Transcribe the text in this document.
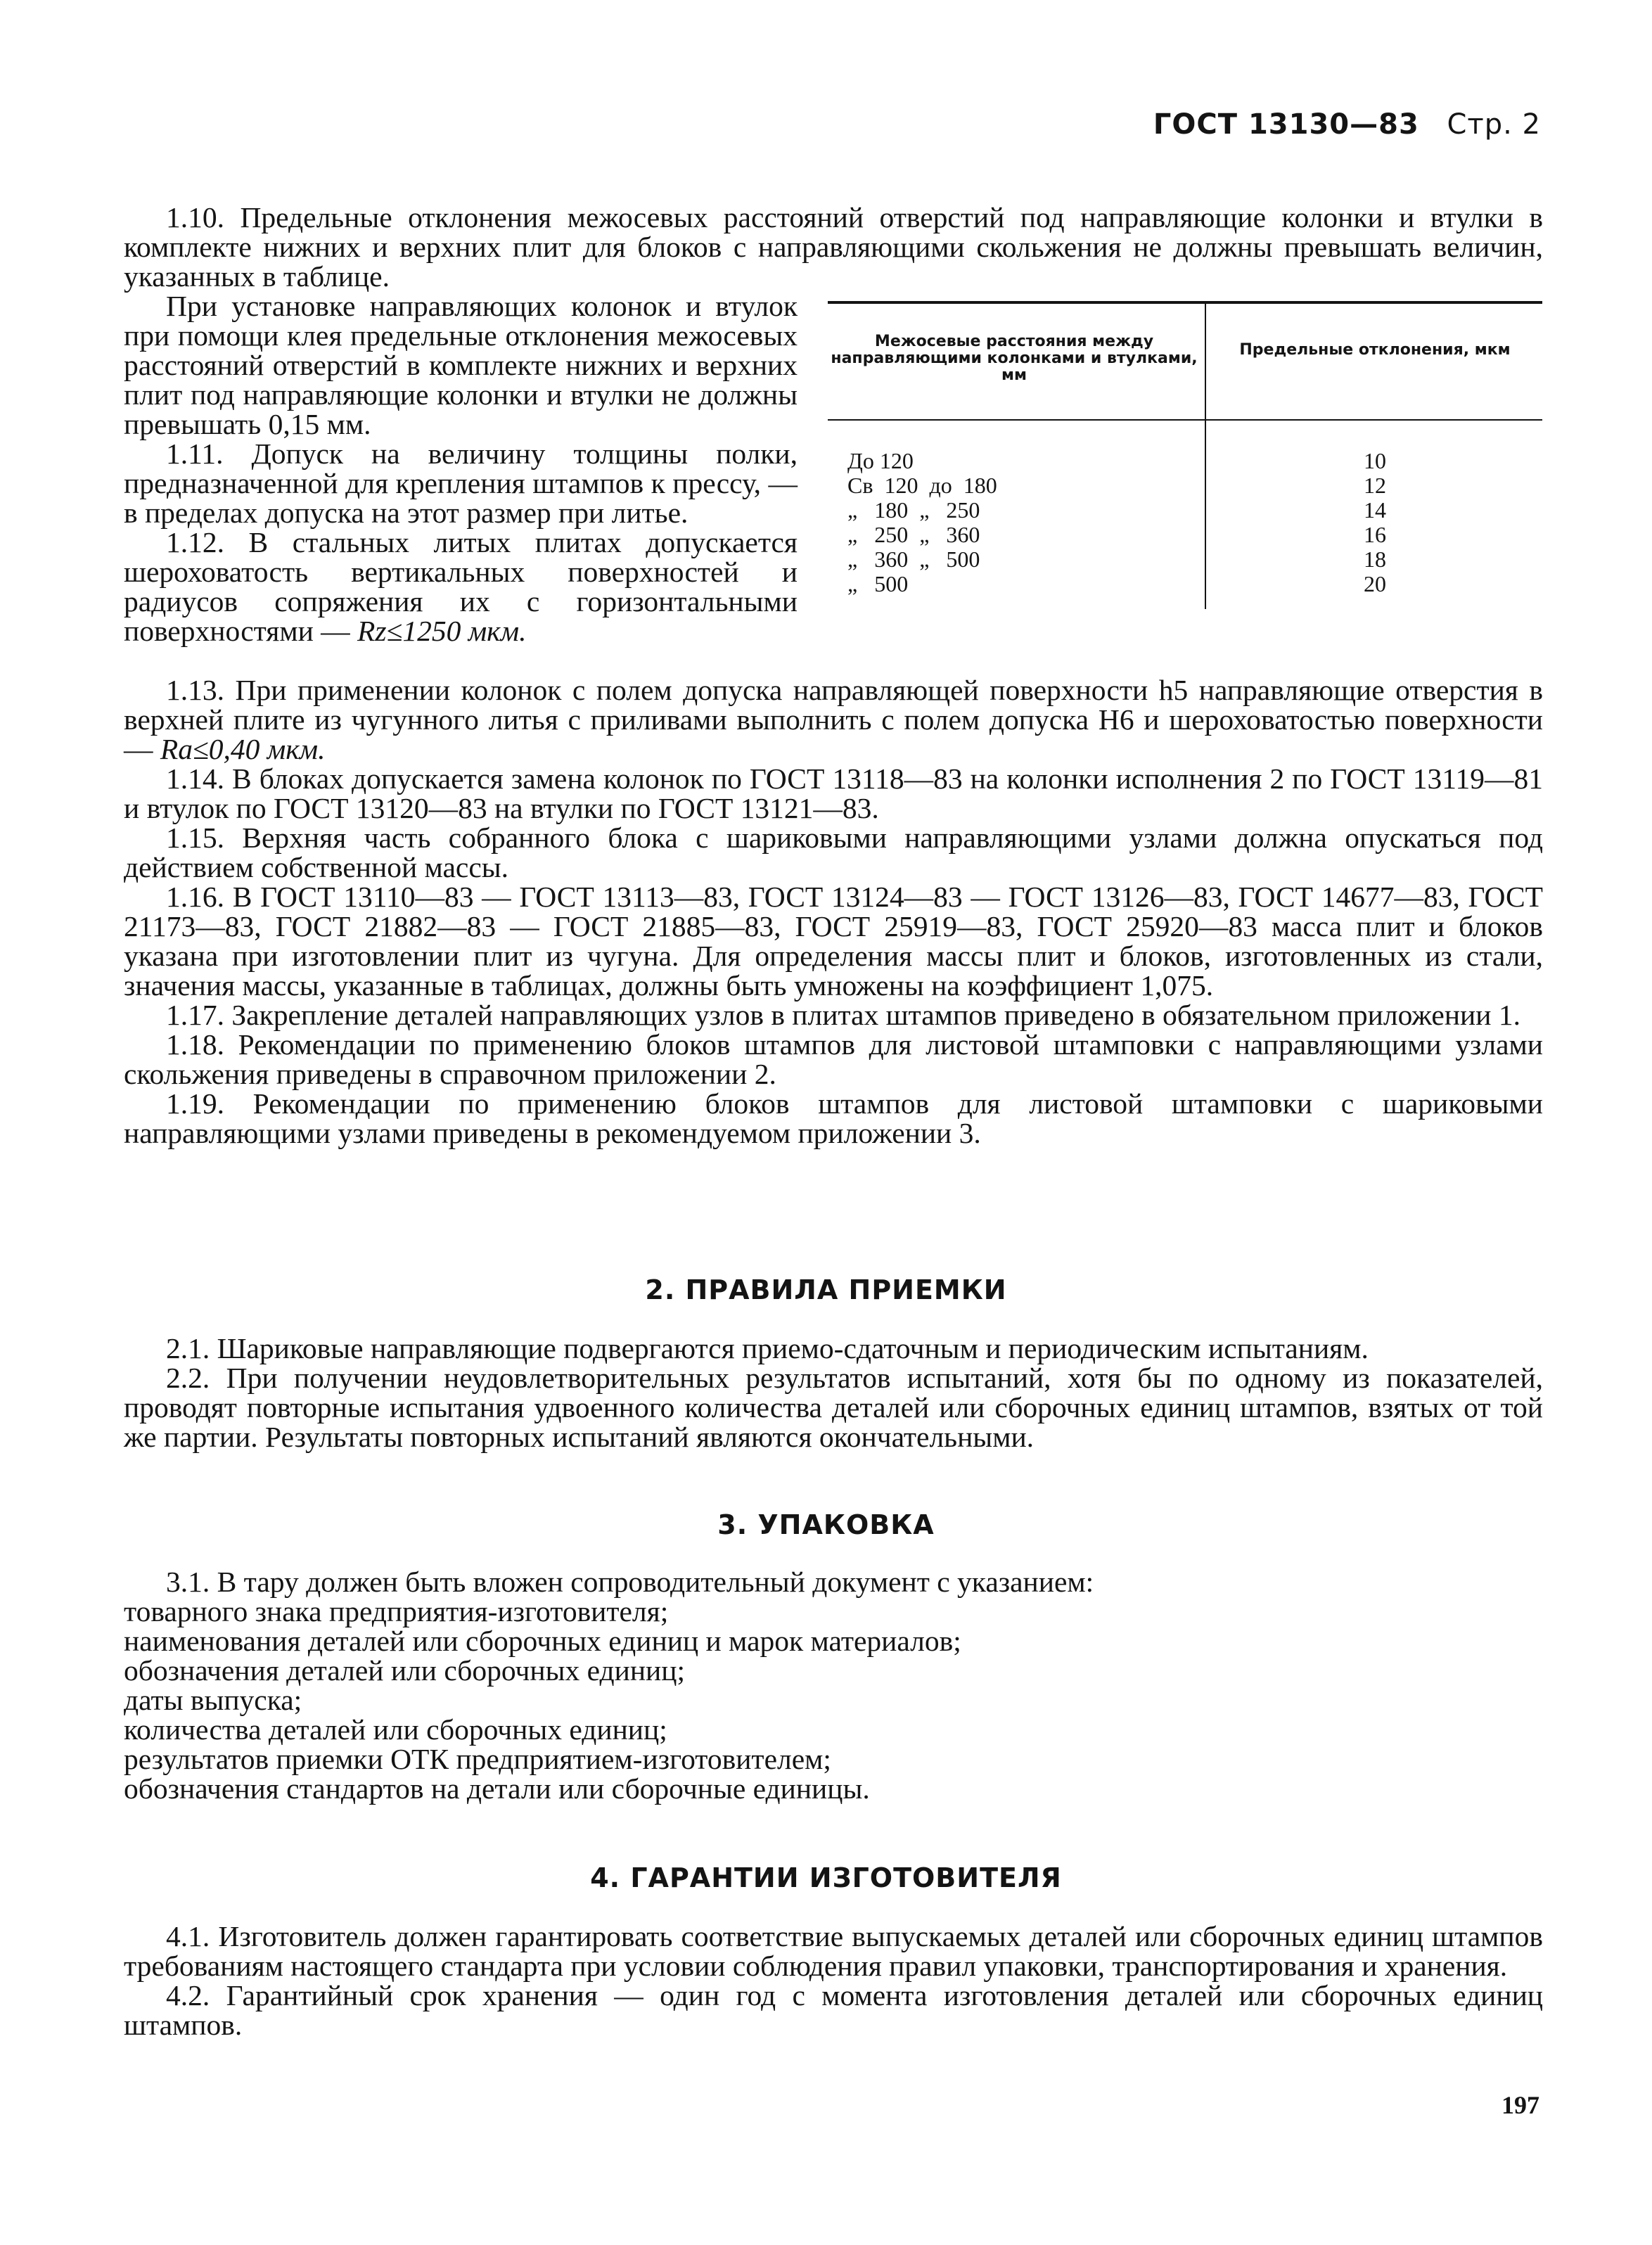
ГОСТ 13130—83 Стр. 2

1.10. Предельные отклонения межосевых расстояний отверстий под направляющие колонки и втулки в комплекте нижних и верхних плит для блоков с направляющими скольжения не должны превышать величин, указанных в таблице.

При установке направляющих колонок и втулок при помощи клея предельные отклонения межосевых расстояний отверстий в комплекте нижних и верхних плит под направляющие колонки и втулки не должны превышать 0,15 мм.

1.11. Допуск на величину толщины полки, предназначенной для крепления штампов к прессу, — в пределах допуска на этот размер при литье.

1.12. В стальных литых плитах допускается шероховатость вертикальных поверхностей и радиусов сопряжения их с горизонтальными поверхностями — Rz≤1250 мкм.

Межосевые расстояния между направляющими колонками и втулками, мм
Предельные отклонения, мкм
До 120
Св  120  до  180
„   180  „   250
„   250  „   360
„   360  „   500
„   500
10
12
14
16
18
20

1.13. При применении колонок с полем допуска направляющей поверхности h5 направляющие отверстия в верхней плите из чугунного литья с приливами выполнить с полем допуска H6 и шероховатостью поверхности — Ra≤0,40 мкм.

1.14. В блоках допускается замена колонок по ГОСТ 13118—83 на колонки исполнения 2 по ГОСТ 13119—81 и втулок по ГОСТ 13120—83 на втулки по ГОСТ 13121—83.

1.15. Верхняя часть собранного блока с шариковыми направляющими узлами должна опускаться под действием собственной массы.

1.16. В ГОСТ 13110—83 — ГОСТ 13113—83, ГОСТ 13124—83 — ГОСТ 13126—83, ГОСТ 14677—83, ГОСТ 21173—83, ГОСТ 21882—83 — ГОСТ 21885—83, ГОСТ 25919—83, ГОСТ 25920—83 масса плит и блоков указана при изготовлении плит из чугуна. Для определения массы плит и блоков, изготовленных из стали, значения массы, указанные в таблицах, должны быть умножены на коэффициент 1,075.

1.17. Закрепление деталей направляющих узлов в плитах штампов приведено в обязательном приложении 1.

1.18. Рекомендации по применению блоков штампов для листовой штамповки с направляющими узлами скольжения приведены в справочном приложении 2.

1.19. Рекомендации по применению блоков штампов для листовой штамповки с шариковыми направляющими узлами приведены в рекомендуемом приложении 3.

2. ПРАВИЛА ПРИЕМКИ

2.1. Шариковые направляющие подвергаются приемо-сдаточным и периодическим испытаниям.

2.2. При получении неудовлетворительных результатов испытаний, хотя бы по одному из показателей, проводят повторные испытания удвоенного количества деталей или сборочных единиц штампов, взятых от той же партии. Результаты повторных испытаний являются окончательными.

3. УПАКОВКА

3.1. В тару должен быть вложен сопроводительный документ с указанием:

товарного знака предприятия-изготовителя;

наименования деталей или сборочных единиц и марок материалов;

обозначения деталей или сборочных единиц;

даты выпуска;

количества деталей или сборочных единиц;

результатов приемки ОТК предприятием-изготовителем;

обозначения стандартов на детали или сборочные единицы.

4. ГАРАНТИИ ИЗГОТОВИТЕЛЯ

4.1. Изготовитель должен гарантировать соответствие выпускаемых деталей или сборочных единиц штампов требованиям настоящего стандарта при условии соблюдения правил упаковки, транспортирования и хранения.

4.2. Гарантийный срок хранения — один год с момента изготовления деталей или сборочных единиц штампов.

197
